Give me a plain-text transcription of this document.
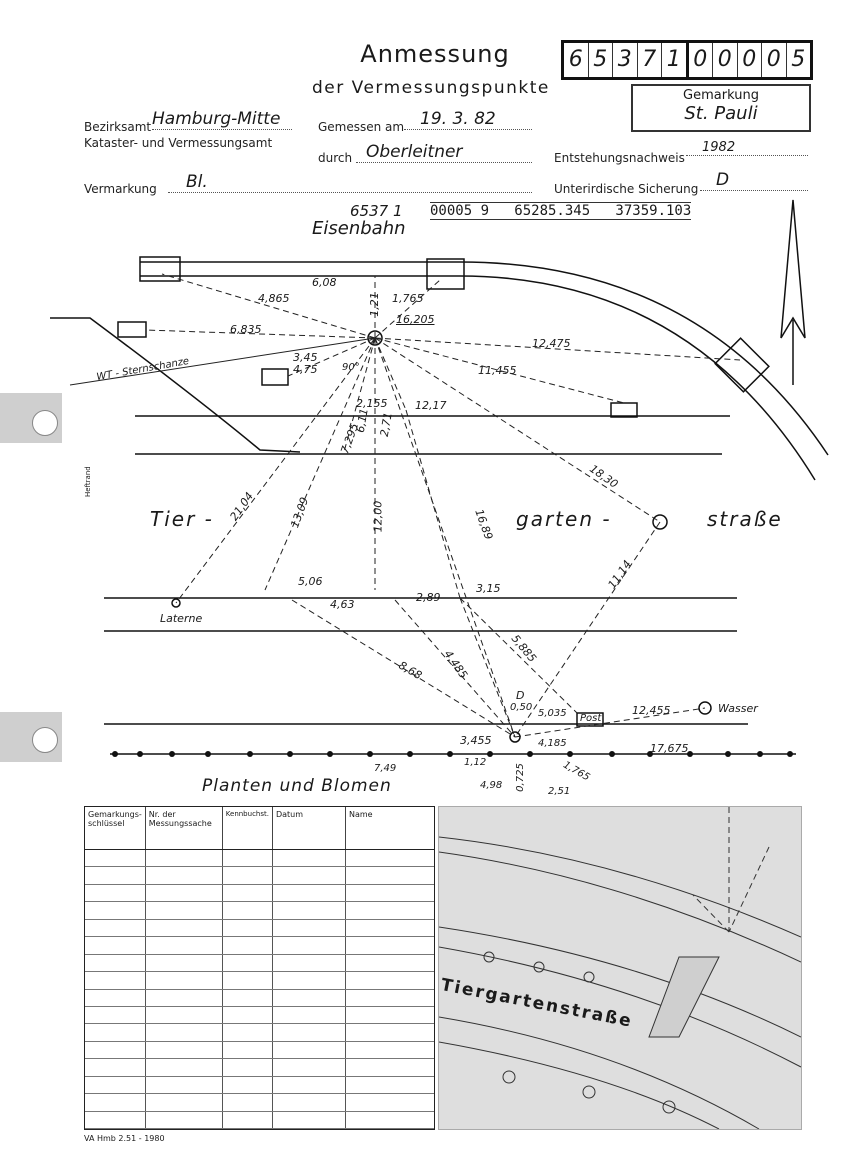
Anmessung
der Vermessungspunkte
6 5 3 7 1 0 0 0 0 5
Gemarkung
St. Pauli
Bezirksamt Hamburg-Mitte
Kataster- und Vermessungsamt
Gemessen am 19. 3. 82
durch Oberleitner	Entstehungsnachweis
1982
Vermarkung	Bl.	Unterirdische Sicherung	D
6537 1 00005 9   65285.345   37359.103
Eisenbahn
Heftrand
Tier -	garten -	straße
Laterne
Wasser
Post
WT - Sternschanze
D
0,50
90°
4,865
6,08
1,21 1,765
16,205
6,835
12,475
3,45
4,75	11,455
2,155
6,11
12,17
7,295 2,71
18,30
21,04	13,09	12,00	16,89
11,14
5,06
4,63
2,89
3,15
8,68 4,485	5,885
5,035	12,455
3,455	4,185	17,675
1,12
7,49
4,98 0,725 2,51
1,765
Planten und Blomen
Gemarkungs-schlüssel	Nr. der Messungssache	Kennbuchst.	Datum	Name

Tiergartenstraße
VA Hmb 2.51 - 1980
